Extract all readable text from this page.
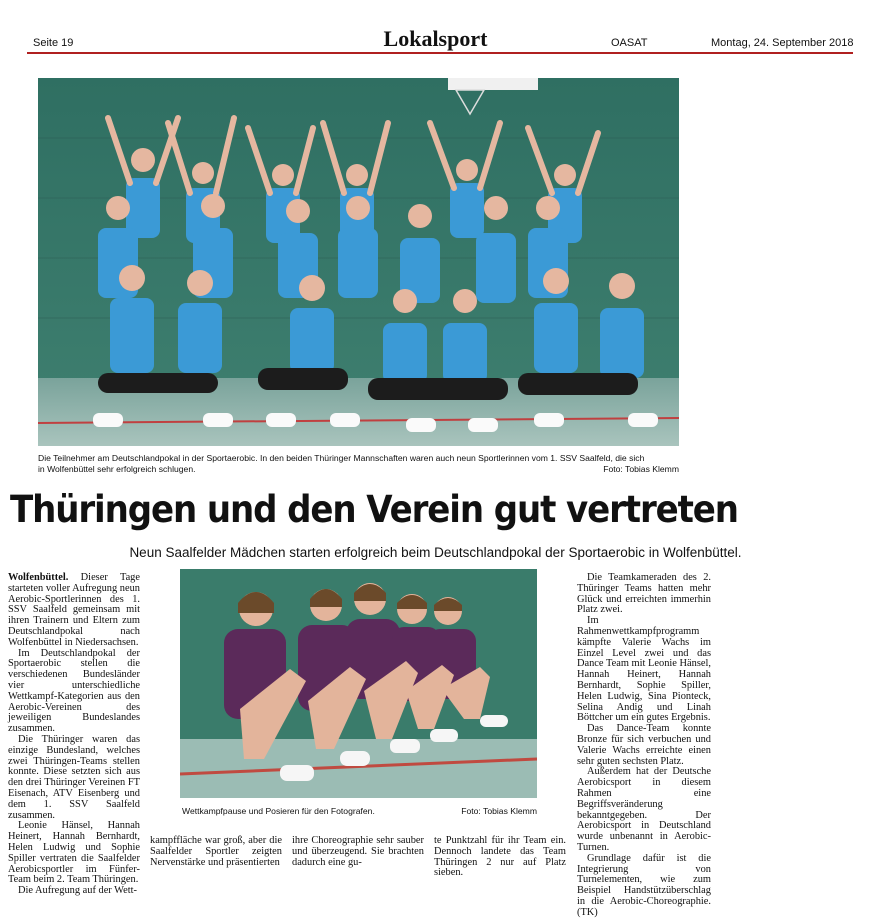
Seite 19	Lokalsport	OASAT	Montag, 24. September 2018
Die Teilnehmer am Deutschlandpokal in der Sportaerobic. In den beiden Thüringer Mannschaften waren auch neun Sportlerinnen vom 1. SSV Saalfeld, die sich
in Wolfenbüttel sehr erfolgreich schlugen.	Foto: Tobias Klemm
Thüringen und den Verein gut vertreten
Neun Saalfelder Mädchen starten erfolgreich beim Deutschlandpokal der Sportaerobic in Wolfenbüttel.
Wettkampfpause und Posieren für den Fotografen.	Foto: Tobias Klemm

Wolfenbüttel. Dieser Tage starteten voller Aufregung neun Aerobic-Sportlerinnen des 1. SSV Saalfeld gemeinsam mit ihren Trainern und Eltern zum Deutschlandpokal nach Wolfenbüttel in Niedersachsen.

Im Deutschlandpokal der Sportaerobic stellen die verschiedenen Bundesländer vier unterschiedliche Wettkampf-Kategorien aus den Aerobic-Vereinen des jeweiligen Bundeslandes zusammen.

Die Thüringer waren das einzige Bundesland, welches zwei Thüringen-Teams stellen konnte. Diese setzten sich aus den drei Thüringer Vereinen FT Eisenach, ATV Eisenberg und dem 1. SSV Saalfeld zusammen.

Leonie Hänsel, Hannah Heinert, Hannah Bernhardt, Helen Ludwig und Sophie Spiller vertraten die Saalfelder Aerobicsportler im Fünfer-Team beim 2. Team Thüringen.

Die Aufregung auf der Wett-

kampffläche war groß, aber die Saalfelder Sportler zeigten Nervenstärke und präsentierten

ihre Choreographie sehr sauber und überzeugend. Sie brachten dadurch eine gu-

te Punktzahl für ihr Team ein. Dennoch landete das Team Thüringen 2 nur auf Platz sieben.

Die Teamkameraden des 2. Thüringer Teams hatten mehr Glück und erreichten immerhin Platz zwei.

Im Rahmenwettkampfprogramm kämpfte Valerie Wachs im Einzel Level zwei und das Dance Team mit Leonie Hänsel, Hannah Heinert, Hannah Bernhardt, Sophie Spiller, Helen Ludwig, Sina Pionteck, Selina Andig und Linah Böttcher um ein gutes Ergebnis.

Das Dance-Team konnte Bronze für sich verbuchen und Valerie Wachs erreichte einen sehr guten sechsten Platz.

Außerdem hat der Deutsche Aerobicsport in diesem Rahmen eine Begriffsveränderung bekanntgegeben. Der Aerobicsport in Deutschland wurde unbenannt in Aerobic-Turnen.

Grundlage dafür ist die Integrierung von Turnelementen, wie zum Beispiel Handstützüberschlag in die Aerobic-Choreographie. (TK)
